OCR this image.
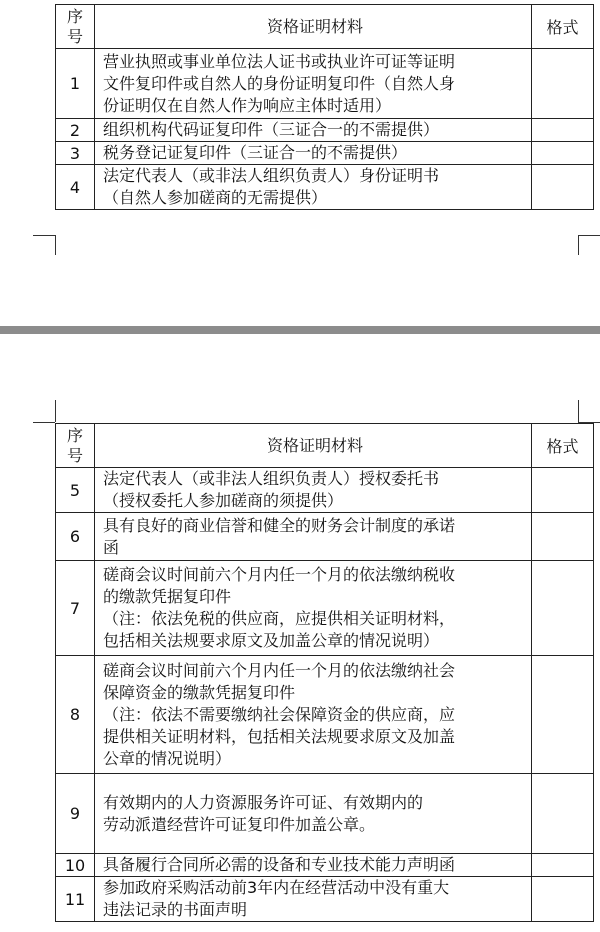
序
号	资格证明材料	格式
1	营业执照或事业单位法人证书或执业许可证等证明
文件复印件或自然人的身份证明复印件（自然人身
份证明仅在自然人作为响应主体时适用）	

2	组织机构代码证复印件（三证合一的不需提供）	

3	税务登记证复印件（三证合一的不需提供）	

4	法定代表人（或非法人组织负责人）身份证明书
（自然人参加磋商的无需提供）	

序
号	资格证明材料	格式
5	法定代表人（或非法人组织负责人）授权委托书
（授权委托人参加磋商的须提供）	

6	具有良好的商业信誉和健全的财务会计制度的承诺
函	

7	磋商会议时间前六个月内任一个月的依法缴纳税收
的缴款凭据复印件
（注：依法免税的供应商，应提供相关证明材料，
包括相关法规要求原文及加盖公章的情况说明）	

8	磋商会议时间前六个月内任一个月的依法缴纳社会
保障资金的缴款凭据复印件
（注：依法不需要缴纳社会保障资金的供应商，应
提供相关证明材料，包括相关法规要求原文及加盖
公章的情况说明）	

9	有效期内的人力资源服务许可证、有效期内的
劳动派遣经营许可证复印件加盖公章。	

10	具备履行合同所必需的设备和专业技术能力声明函	

11	参加政府采购活动前3年内在经营活动中没有重大
违法记录的书面声明	
